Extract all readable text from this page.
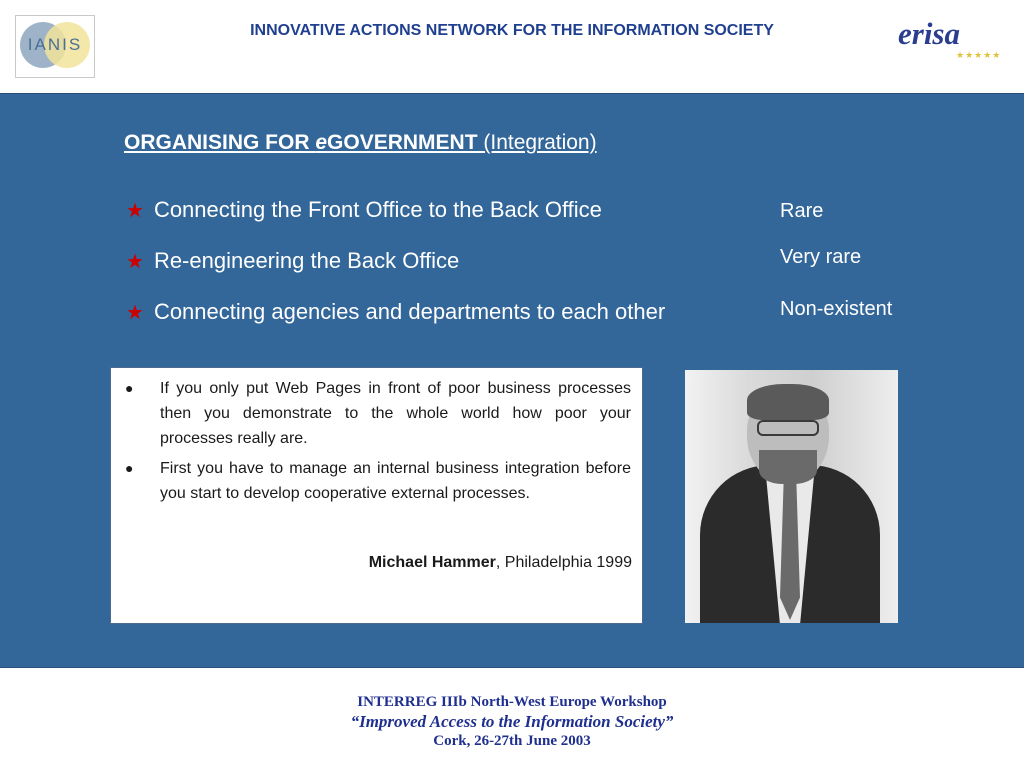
IANIS
INNOVATIVE ACTIONS NETWORK FOR THE INFORMATION SOCIETY	erisa
★★★★★
ORGANISING FOR eGOVERNMENT (Integration)
★ Connecting the Front Office to the Back Office	Rare
★ Re-engineering the Back Office	Very rare
★ Connecting agencies and departments to each other	Non-existent
● If you only put Web Pages in front of poor business processes then you demonstrate to the whole world how poor your processes really are.
● First you have to manage an internal business integration before you start to develop cooperative external processes.
Michael Hammer, Philadelphia 1999
INTERREG IIIb North-West Europe Workshop
“Improved Access to the Information Society”
Cork, 26-27th June 2003
